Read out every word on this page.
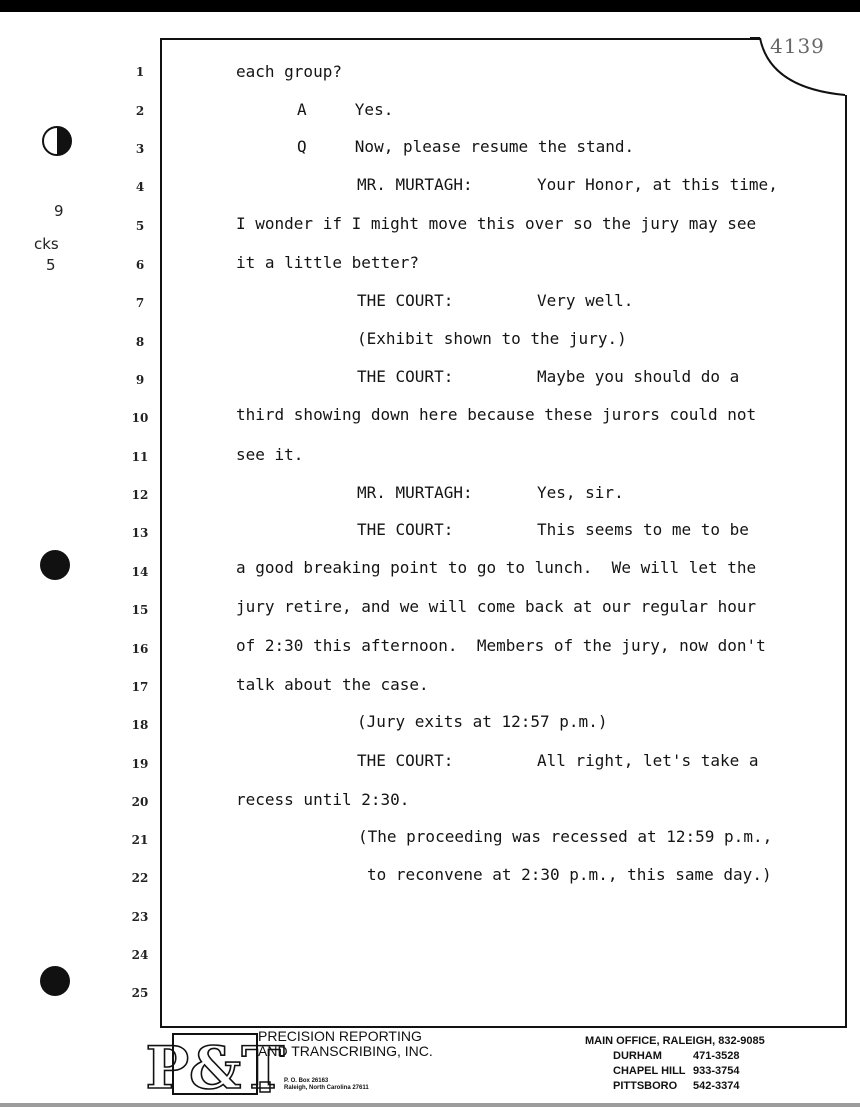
4139
9
cks
5
1	each group?
2	A     Yes.
3	Q     Now, please resume the stand.
4	MR. MURTAGH:	Your Honor, at this time,
5	I wonder if I might move this over so the jury may see
6	it a little better?
7	THE COURT:	Very well.
8	(Exhibit shown to the jury.)
9	THE COURT:	Maybe you should do a
10	third showing down here because these jurors could not
11	see it.
12	MR. MURTAGH:	Yes, sir.
13	THE COURT:	This seems to me to be
14	a good breaking point to go to lunch.  We will let the
15	jury retire, and we will come back at our regular hour
16	of 2:30 this afternoon.  Members of the jury, now don't
17	talk about the case.
18	(Jury exits at 12:57 p.m.)
19	THE COURT:	All right, let's take a
20	recess until 2:30.
21	(The proceeding was recessed at 12:59 p.m.,
22	to reconvene at 2:30 p.m., this same day.)
23
24
25
P&T
PRECISION REPORTING
AND TRANSCRIBING, INC.
P. O. Box 26163
Raleigh, North Carolina 27611
MAIN OFFICE, RALEIGH, 832-9085
DURHAM	471-3528
CHAPEL HILL 933-3754
PITTSBORO 542-3374
